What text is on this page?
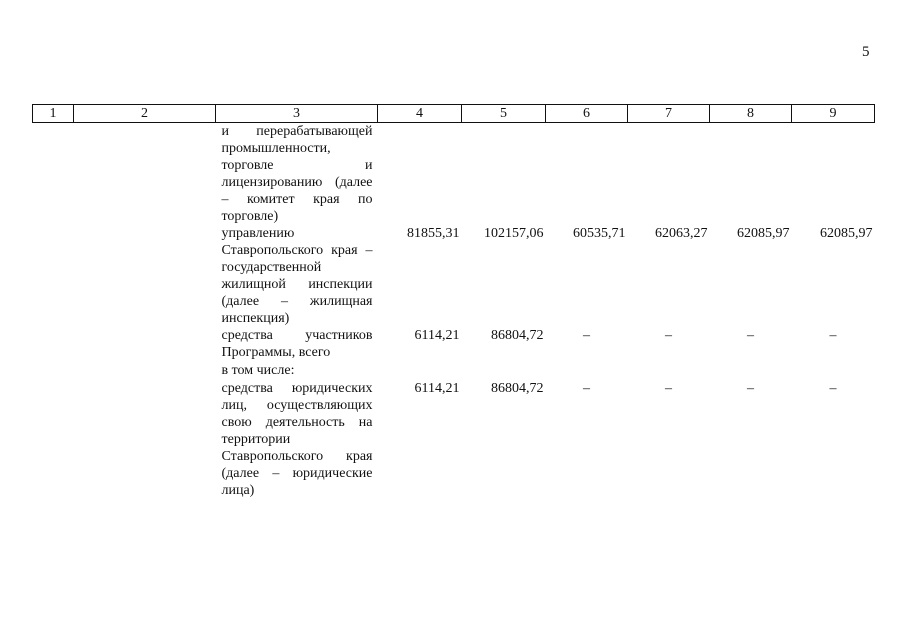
5
1	2	3	4	5	6	7	8	9
		и перерабатывающей промышленности, торговле и лицензированию (далее – комитет края по торговле)						
		управлению Ставропольского края – государственной жилищной инспекции (далее – жилищная инспекция)	81855,31	102157,06	60535,71	62063,27	62085,97	62085,97
		средства участников Программы, всего	6114,21	86804,72	–	–	–	–
		в том числе:						
		средства юридических лиц, осуществляющих свою деятельность на территории Ставропольского края (далее – юридические лица)	6114,21	86804,72	–	–	–	–
